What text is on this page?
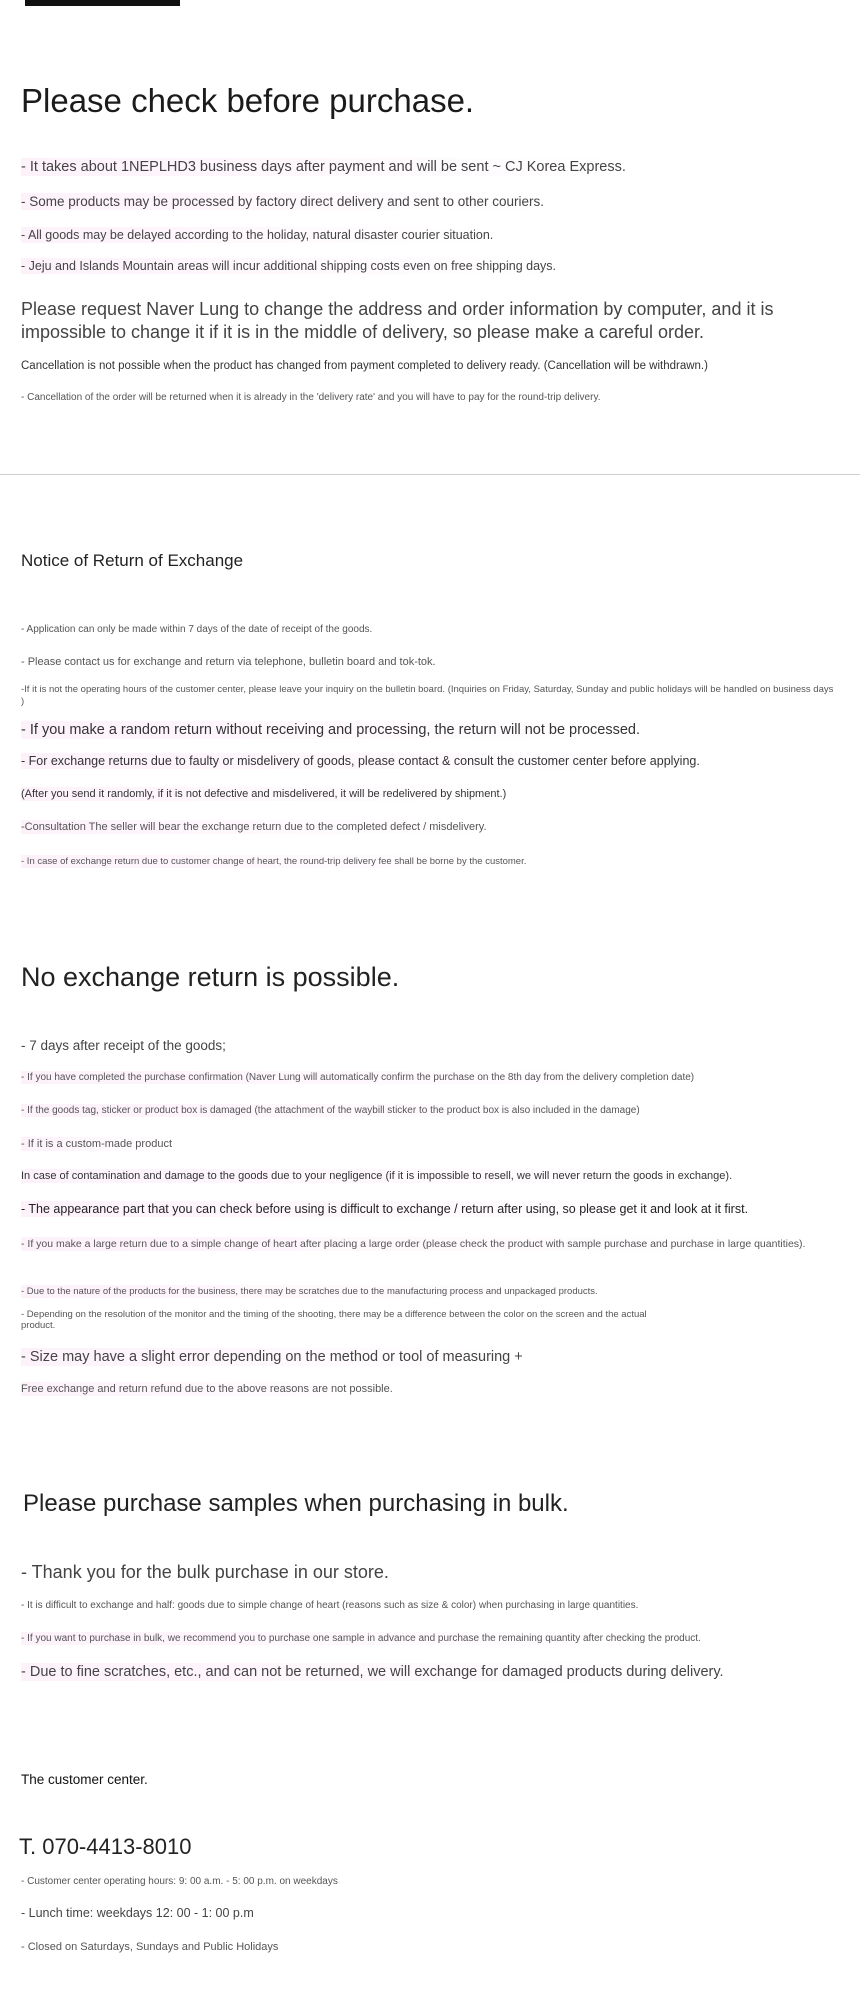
Please check before purchase.
- It takes about 1NEPLHD3 business days after payment and will be sent ~ CJ Korea Express.
- Some products may be processed by factory direct delivery and sent to other couriers.
- All goods may be delayed according to the holiday, natural disaster courier situation.
- Jeju and Islands Mountain areas will incur additional shipping costs even on free shipping days.
Please request Naver Lung to change the address and order information by computer, and it is impossible to change it if it is in the middle of delivery, so please make a careful order.
Cancellation is not possible when the product has changed from payment completed to delivery ready. (Cancellation will be withdrawn.)
- Cancellation of the order will be returned when it is already in the 'delivery rate' and you will have to pay for the round-trip delivery.
Notice of Return of Exchange
- Application can only be made within 7 days of the date of receipt of the goods.
- Please contact us for exchange and return via telephone, bulletin board and tok-tok.
-If it is not the operating hours of the customer center, please leave your inquiry on the bulletin board. (Inquiries on Friday, Saturday, Sunday and public holidays will be handled on business days )
- If you make a random return without receiving and processing, the return will not be processed.
- For exchange returns due to faulty or misdelivery of goods, please contact & consult the customer center before applying.
(After you send it randomly, if it is not defective and misdelivered, it will be redelivered by shipment.)
-Consultation The seller will bear the exchange return due to the completed defect / misdelivery.
- In case of exchange return due to customer change of heart, the round-trip delivery fee shall be borne by the customer.
No exchange return is possible.
- 7 days after receipt of the goods;
- If you have completed the purchase confirmation (Naver Lung will automatically confirm the purchase on the 8th day from the delivery completion date)
- If the goods tag, sticker or product box is damaged (the attachment of the waybill sticker to the product box is also included in the damage)
- If it is a custom-made product
In case of contamination and damage to the goods due to your negligence (if it is impossible to resell, we will never return the goods in exchange).
- The appearance part that you can check before using is difficult to exchange / return after using, so please get it and look at it first.
- If you make a large return due to a simple change of heart after placing a large order (please check the product with sample purchase and purchase in large quantities).
- Due to the nature of the products for the business, there may be scratches due to the manufacturing process and unpackaged products.
- Depending on the resolution of the monitor and the timing of the shooting, there may be a difference between the color on the screen and the actual product.
- Size may have a slight error depending on the method or tool of measuring +
Free exchange and return refund due to the above reasons are not possible.
Please purchase samples when purchasing in bulk.
- Thank you for the bulk purchase in our store.
- It is difficult to exchange and half: goods due to simple change of heart (reasons such as size & color) when purchasing in large quantities.
- If you want to purchase in bulk, we recommend you to purchase one sample in advance and purchase the remaining quantity after checking the product.
- Due to fine scratches, etc., and can not be returned, we will exchange for damaged products during delivery.
The customer center.
T. 070-4413-8010
- Customer center operating hours: 9: 00 a.m. - 5: 00 p.m. on weekdays
- Lunch time: weekdays 12: 00 - 1: 00 p.m
- Closed on Saturdays, Sundays and Public Holidays
